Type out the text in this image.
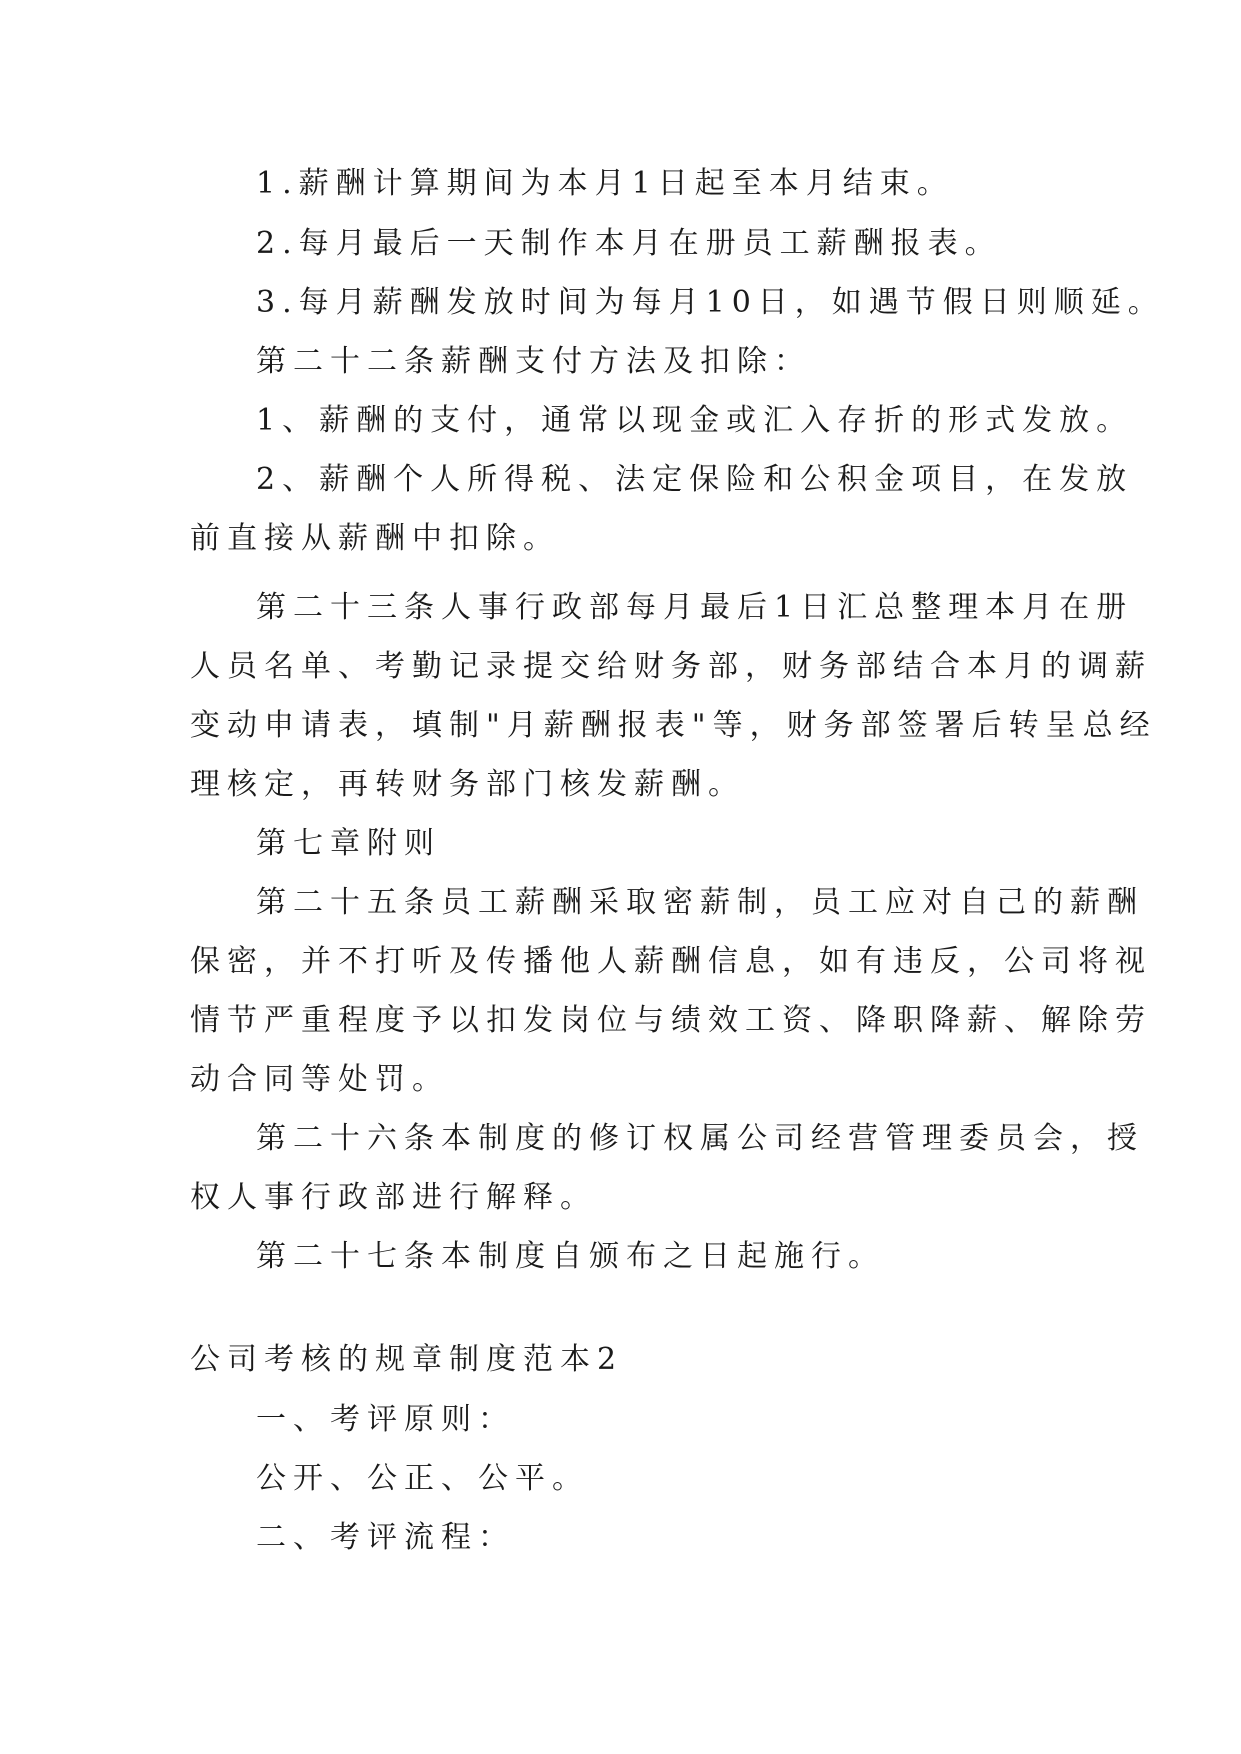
1.薪酬计算期间为本月1日起至本月结束。
2.每月最后一天制作本月在册员工薪酬报表。
3.每月薪酬发放时间为每月10日，如遇节假日则顺延。
第二十二条薪酬支付方法及扣除：
1、薪酬的支付，通常以现金或汇入存折的形式发放。
2、薪酬个人所得税、法定保险和公积金项目，在发放
前直接从薪酬中扣除。
第二十三条人事行政部每月最后1日汇总整理本月在册
人员名单、考勤记录提交给财务部，财务部结合本月的调薪
变动申请表，填制"月薪酬报表"等，财务部签署后转呈总经
理核定，再转财务部门核发薪酬。
第七章附则
第二十五条员工薪酬采取密薪制，员工应对自己的薪酬
保密，并不打听及传播他人薪酬信息，如有违反，公司将视
情节严重程度予以扣发岗位与绩效工资、降职降薪、解除劳
动合同等处罚。
第二十六条本制度的修订权属公司经营管理委员会，授
权人事行政部进行解释。
第二十七条本制度自颁布之日起施行。
公司考核的规章制度范本2
一、考评原则：
公开、公正、公平。
二、考评流程：
